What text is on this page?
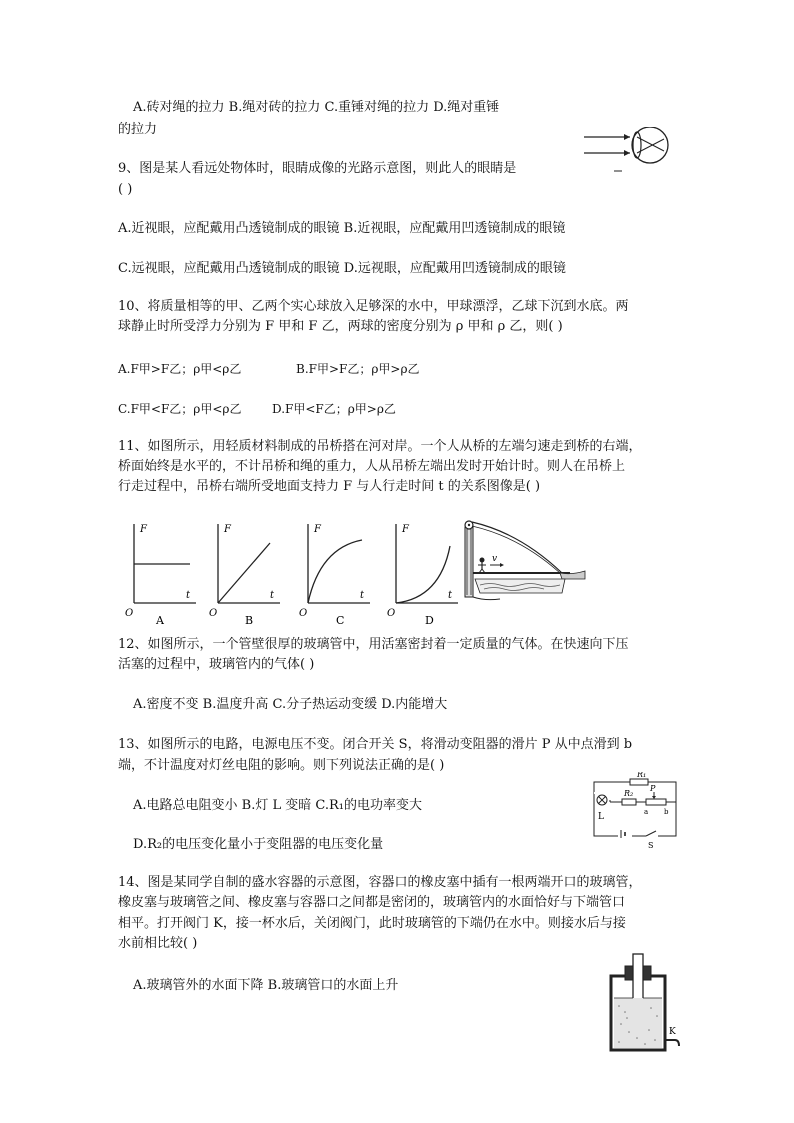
A.砖对绳的拉力 B.绳对砖的拉力 C.重锤对绳的拉力 D.绳对重锤
的拉力
9、图是某人看远处物体时，眼睛成像的光路示意图，则此人的眼睛是
( )
A.近视眼，应配戴用凸透镜制成的眼镜 B.近视眼，应配戴用凹透镜制成的眼镜
C.远视眼，应配戴用凸透镜制成的眼镜 D.远视眼，应配戴用凹透镜制成的眼镜
10、将质量相等的甲、乙两个实心球放入足够深的水中，甲球漂浮，乙球下沉到水底。两
球静止时所受浮力分别为 F 甲和 F 乙，两球的密度分别为 ρ 甲和 ρ 乙，则( )
A.F甲>F乙；ρ甲<ρ乙	B.F甲>F乙；ρ甲>ρ乙
C.F甲<F乙；ρ甲<ρ乙	D.F甲<F乙；ρ甲>ρ乙
11、如图所示，用轻质材料制成的吊桥搭在河对岸。一个人从桥的左端匀速走到桥的右端，
桥面始终是水平的，不计吊桥和绳的重力，人从吊桥左端出发时开始计时。则人在吊桥上
行走过程中，吊桥右端所受地面支持力 F 与人行走时间 t 的关系图像是( )
F
t
O
A
F
t
O
B
F
t
O
C
F
t
O
D
v
12、如图所示，一个管壁很厚的玻璃管中，用活塞密封着一定质量的气体。在快速向下压
活塞的过程中，玻璃管内的气体( )
A.密度不变 B.温度升高 C.分子热运动变缓 D.内能增大
13、如图所示的电路，电源电压不变。闭合开关 S，将滑动变阻器的滑片 P 从中点滑到 b
端，不计温度对灯丝电阻的影响。则下列说法正确的是( )
A.电路总电阻变小 B.灯 L 变暗 C.R₁的电功率变大
D.R₂的电压变化量小于变阻器的电压变化量
L
R₁
R₂
P
a b
S
14、图是某同学自制的盛水容器的示意图，容器口的橡皮塞中插有一根两端开口的玻璃管，
橡皮塞与玻璃管之间、橡皮塞与容器口之间都是密闭的，玻璃管内的水面恰好与下端管口
相平。打开阀门 K，接一杯水后，关闭阀门，此时玻璃管的下端仍在水中。则接水后与接
水前相比较( )
A.玻璃管外的水面下降 B.玻璃管口的水面上升
K
